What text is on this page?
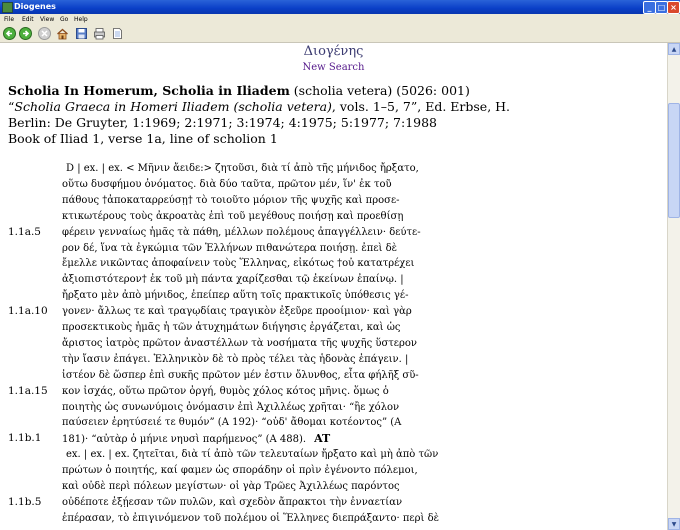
Diogenes	_ □ ×
File Edit View Go Help
Διογένης
New Search
Scholia In Homerum, Scholia in Iliadem (scholia vetera) (5026: 001)
“Scholia Graeca in Homeri Iliadem (scholia vetera), vols. 1–5, 7”, Ed. Erbse, H.
Berlin: De Gruyter, 1:1969; 2:1971; 3:1974; 4:1975; 5:1977; 7:1988
Book of Iliad 1, verse 1a, line of scholion 1
D | ex. | ex. < Μῆνιν ἄειδε:> ζητοῦσι, διὰ τί ἀπὸ τῆς μήνιδος ἤρξατο,
οὕτω δυσφήμου ὀνόματος. διὰ δύο ταῦτα, πρῶτον μέν, ἵν' ἐκ τοῦ
πάθους †ἀποκαταρρεύσῃ† τὸ τοιοῦτο μόριον τῆς ψυχῆς καὶ προσε-
κτικωτέρους τοὺς ἀκροατὰς ἐπὶ τοῦ μεγέθους ποιήσῃ καὶ προεθίσῃ
φέρειν γενναίως ἡμᾶς τὰ πάθη, μέλλων πολέμους ἀπαγγέλλειν· δεύτε-
ρον δέ, ἵνα τὰ ἐγκώμια τῶν Ἑλλήνων πιθανώτερα ποιήσῃ. ἐπεὶ δὲ
ἔμελλε νικῶντας ἀποφαίνειν τοὺς Ἕλληνας, εἰκότως †οὐ κατατρέχει
ἀξιοπιστότερον† ἐκ τοῦ μὴ πάντα χαρίζεσθαι τῷ ἐκείνων ἐπαίνῳ. |
ἤρξατο μὲν ἀπὸ μήνιδος, ἐπείπερ αὕτη τοῖς πρακτικοῖς ὑπόθεσις γέ-
γονεν· ἄλλως τε καὶ τραγῳδίαις τραγικὸν ἐξεῦρε προοίμιον· καὶ γὰρ
προσεκτικοὺς ἡμᾶς ἡ τῶν ἀτυχημάτων διήγησις ἐργάζεται, καὶ ὡς
ἄριστος ἰατρὸς πρῶτον ἀναστέλλων τὰ νοσήματα τῆς ψυχῆς ὕστερον
τὴν ἴασιν ἐπάγει. Ἑλληνικὸν δὲ τὸ πρὸς τέλει τὰς ἡδονὰς ἐπάγειν. |
ἰστέον δὲ ὥσπερ ἐπὶ συκῆς πρῶτον μέν ἐστιν ὄλυνθος, εἶτα φήλῆξ σῦ-
κον ἰσχάς, οὕτω πρῶτον ὀργή, θυμὸς χόλος κότος μῆνις. ὅμως ὁ
ποιητὴς ὡς συνωνύμοις ὀνόμασιν ἐπὶ Ἀχιλλέως χρῆται· “ἢε χόλον
παύσειεν ἐρητύσειέ τε θυμόν” (Α 192)· “οὐδ' ἄθομαι κοτέοντος” (Α
181)· “αὐτὰρ ὁ μήνιε νηυσὶ παρήμενος” (Α 488). AT
ex. | ex. | ex. ζητεῖται, διὰ τί ἀπὸ τῶν τελευταίων ἤρξατο καὶ μὴ ἀπὸ τῶν
πρώτων ὁ ποιητής, καί φαμεν ὡς σποράδην οἱ πρὶν ἐγένοντο πόλεμοι,
καὶ οὐδὲ περὶ πόλεων μεγίστων· οἱ γὰρ Τρῶες Ἀχιλλέως παρόντος
οὐδέποτε ἐξῄεσαν τῶν πυλῶν, καὶ σχεδὸν ἄπρακτοι τὴν ἐνναετίαν
ἐπέρασαν, τὸ ἐπιγινόμενον τοῦ πολέμου οἱ Ἕλληνες διεπράξαντο· περὶ δὲ
1.1a.5
1.1a.10
1.1a.15
1.1b.1
1.1b.5
▲
▼
